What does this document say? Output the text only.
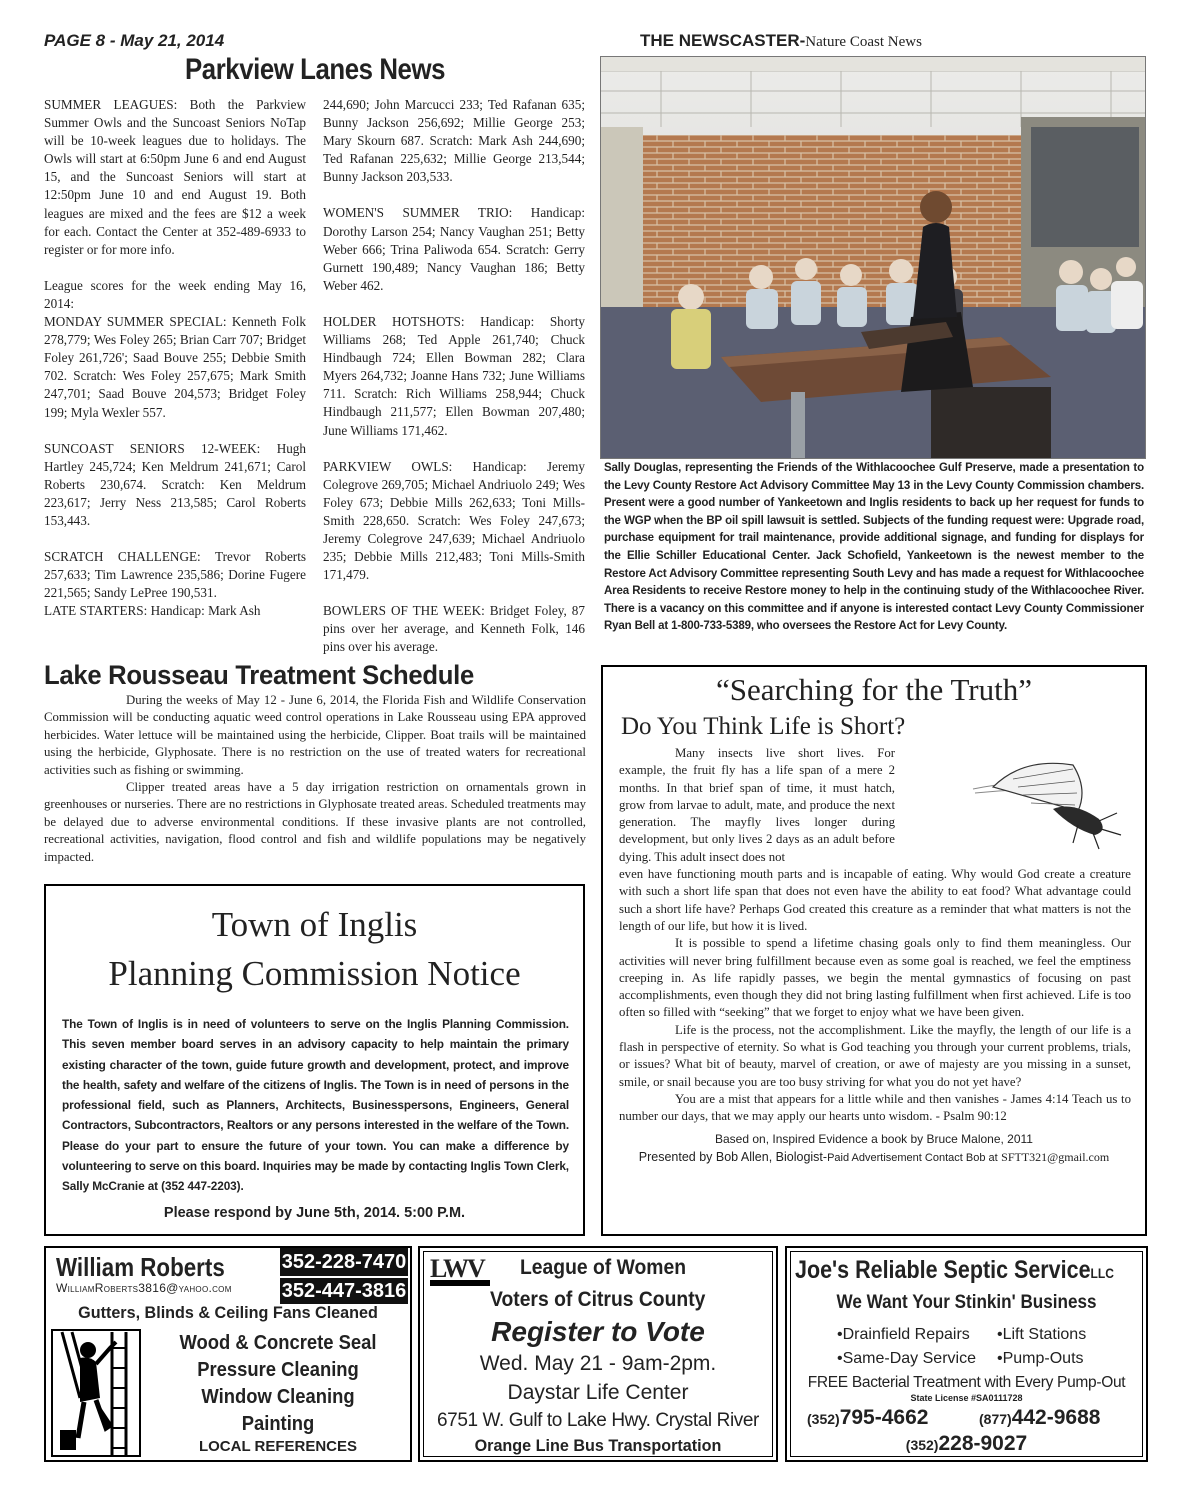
PAGE 8 - May 21, 2014	THE NEWSCASTER-Nature Coast News
Parkview Lanes News

SUMMER LEAGUES: Both the Parkview Summer Owls and the Suncoast Seniors NoTap will be 10-week leagues due to holidays. The Owls will start at 6:50pm June 6 and end August 15, and the Suncoast Seniors will start at 12:50pm June 10 and end August 19. Both leagues are mixed and the fees are $12 a week for each. Contact the Center at 352-489-6933 to register or for more info.

League scores for the week ending May 16, 2014:

MONDAY SUMMER SPECIAL: Kenneth Folk 278,779; Wes Foley 265; Brian Carr 707; Bridget Foley 261,726'; Saad Bouve 255; Debbie Smith 702. Scratch: Wes Foley 257,675; Mark Smith 247,701; Saad Bouve 204,573; Bridget Foley 199; Myla Wexler 557.

SUNCOAST SENIORS 12-WEEK: Hugh Hartley 245,724; Ken Meldrum 241,671; Carol Roberts 230,674. Scratch: Ken Meldrum 223,617; Jerry Ness 213,585; Carol Roberts 153,443.

SCRATCH CHALLENGE: Trevor Roberts 257,633; Tim Lawrence 235,586; Dorine Fugere 221,565; Sandy LePree 190,531.

LATE STARTERS: Handicap: Mark Ash

244,690; John Marcucci 233; Ted Rafanan 635; Bunny Jackson 256,692; Millie George 253; Mary Skourn 687. Scratch: Mark Ash 244,690; Ted Rafanan 225,632; Millie George 213,544; Bunny Jackson 203,533.

WOMEN'S SUMMER TRIO: Handicap: Dorothy Larson 254; Nancy Vaughan 251; Betty Weber 666; Trina Paliwoda 654. Scratch: Gerry Gurnett 190,489; Nancy Vaughan 186; Betty Weber 462.

HOLDER HOTSHOTS: Handicap: Shorty Williams 268; Ted Apple 261,740; Chuck Hindbaugh 724; Ellen Bowman 282; Clara Myers 264,732; Joanne Hans 732; June Williams 711. Scratch: Rich Williams 258,944; Chuck Hindbaugh 211,577; Ellen Bowman 207,480; June Williams 171,462.

PARKVIEW OWLS: Handicap: Jeremy Colegrove 269,705; Michael Andriuolo 249; Wes Foley 673; Debbie Mills 262,633; Toni Mills-Smith 228,650. Scratch: Wes Foley 247,673; Jeremy Colegrove 247,639; Michael Andriuolo 235; Debbie Mills 212,483; Toni Mills-Smith 171,479.

BOWLERS OF THE WEEK: Bridget Foley, 87 pins over her average, and Kenneth Folk, 146 pins over his average.

Sally Douglas, representing the Friends of the Withlacoochee Gulf Preserve, made a presentation to the Levy County Restore Act Advisory Committee May 13 in the Levy County Commission chambers. Present were a good number of Yankeetown and Inglis residents to back up her request for funds to the WGP when the BP oil spill lawsuit is settled. Subjects of the funding request were: Upgrade road, purchase equipment for trail maintenance, provide additional signage, and funding for displays for the Ellie Schiller Educational Center. Jack Schofield, Yankeetown is the newest member to the Restore Act Advisory Committee representing South Levy and has made a request for Withlacoochee Area Residents to receive Restore money to help in the continuing study of the Withlacoochee River. There is a vacancy on this committee and if anyone is interested contact Levy County Commissioner Ryan Bell at 1-800-733-5389, who oversees the Restore Act for Levy County.
Lake Rousseau Treatment Schedule

During the weeks of May 12 - June 6, 2014, the Florida Fish and Wildlife Conservation Commission will be conducting aquatic weed control operations in Lake Rousseau using EPA approved herbicides. Water lettuce will be maintained using the herbicide, Clipper. Boat trails will be maintained using the herbicide, Glyphosate. There is no restriction on the use of treated waters for recreational activities such as fishing or swimming.

Clipper treated areas have a 5 day irrigation restriction on ornamentals grown in greenhouses or nurseries. There are no restrictions in Glyphosate treated areas. Scheduled treatments may be delayed due to adverse environmental conditions. If these invasive plants are not controlled, recreational activities, navigation, flood control and fish and wildlife populations may be negatively impacted.

Town of Inglis
Planning Commission Notice
The Town of Inglis is in need of volunteers to serve on the Inglis Planning Commission. This seven member board serves in an advisory capacity to help maintain the primary existing character of the town, guide future growth and development, protect, and improve the health, safety and welfare of the citizens of Inglis. The Town is in need of persons in the professional field, such as Planners, Architects, Businesspersons, Engineers, General Contractors, Subcontractors, Realtors or any persons interested in the welfare of the Town. Please do your part to ensure the future of your town. You can make a difference by volunteering to serve on this board. Inquiries may be made by contacting Inglis Town Clerk, Sally McCranie at (352 447-2203).
Please respond by June 5th, 2014. 5:00 P.M.
“Searching for the Truth”
Do You Think Life is Short?

Many insects live short lives. For example, the fruit fly has a life span of a mere 2 months. In that brief span of time, it must hatch, grow from larvae to adult, mate, and produce the next generation. The mayfly lives longer during development, but only lives 2 days as an adult before dying. This adult insect does not

even have functioning mouth parts and is incapable of eating. Why would God create a creature with such a short life span that does not even have the ability to eat food? What advantage could such a short life have? Perhaps God created this creature as a reminder that what matters is not the length of our life, but how it is lived.

It is possible to spend a lifetime chasing goals only to find them meaningless. Our activities will never bring fulfillment because even as some goal is reached, we feel the emptiness creeping in. As life rapidly passes, we begin the mental gymnastics of focusing on past accomplishments, even though they did not bring lasting fulfillment when first achieved. Life is too often so filled with “seeking” that we forget to enjoy what we have been given.

Life is the process, not the accomplishment. Like the mayfly, the length of our life is a flash in perspective of eternity. So what is God teaching you through your current problems, trials, or issues? What bit of beauty, marvel of creation, or awe of majesty are you missing in a sunset, smile, or snail because you are too busy striving for what you do not yet have?

You are a mist that appears for a little while and then vanishes - James 4:14 Teach us to number our days, that we may apply our hearts unto wisdom. - Psalm 90:12

Based on, Inspired Evidence a book by Bruce Malone, 2011
Presented by Bob Allen, Biologist-Paid Advertisement Contact Bob at SFTT321@gmail.com
William Roberts	352-228-7470
WilliamRoberts3816@yahoo.com	352-447-3816
Gutters, Blinds & Ceiling Fans Cleaned
Wood & Concrete Seal
Pressure Cleaning
Window Cleaning
Painting
LOCAL REFERENCES
LWV League of Women
Voters of Citrus County
Register to Vote
Wed. May 21 - 9am-2pm.
Daystar Life Center
6751 W. Gulf to Lake Hwy. Crystal River
Orange Line Bus Transportation
Joe's Reliable Septic ServiceLLC
We Want Your Stinkin' Business
•Drainfield Repairs •Lift Stations
•Same-Day Service •Pump-Outs
FREE Bacterial Treatment with Every Pump-Out
State License #SA0111728
(352)795-4662	(877)442-9688
(352)228-9027
